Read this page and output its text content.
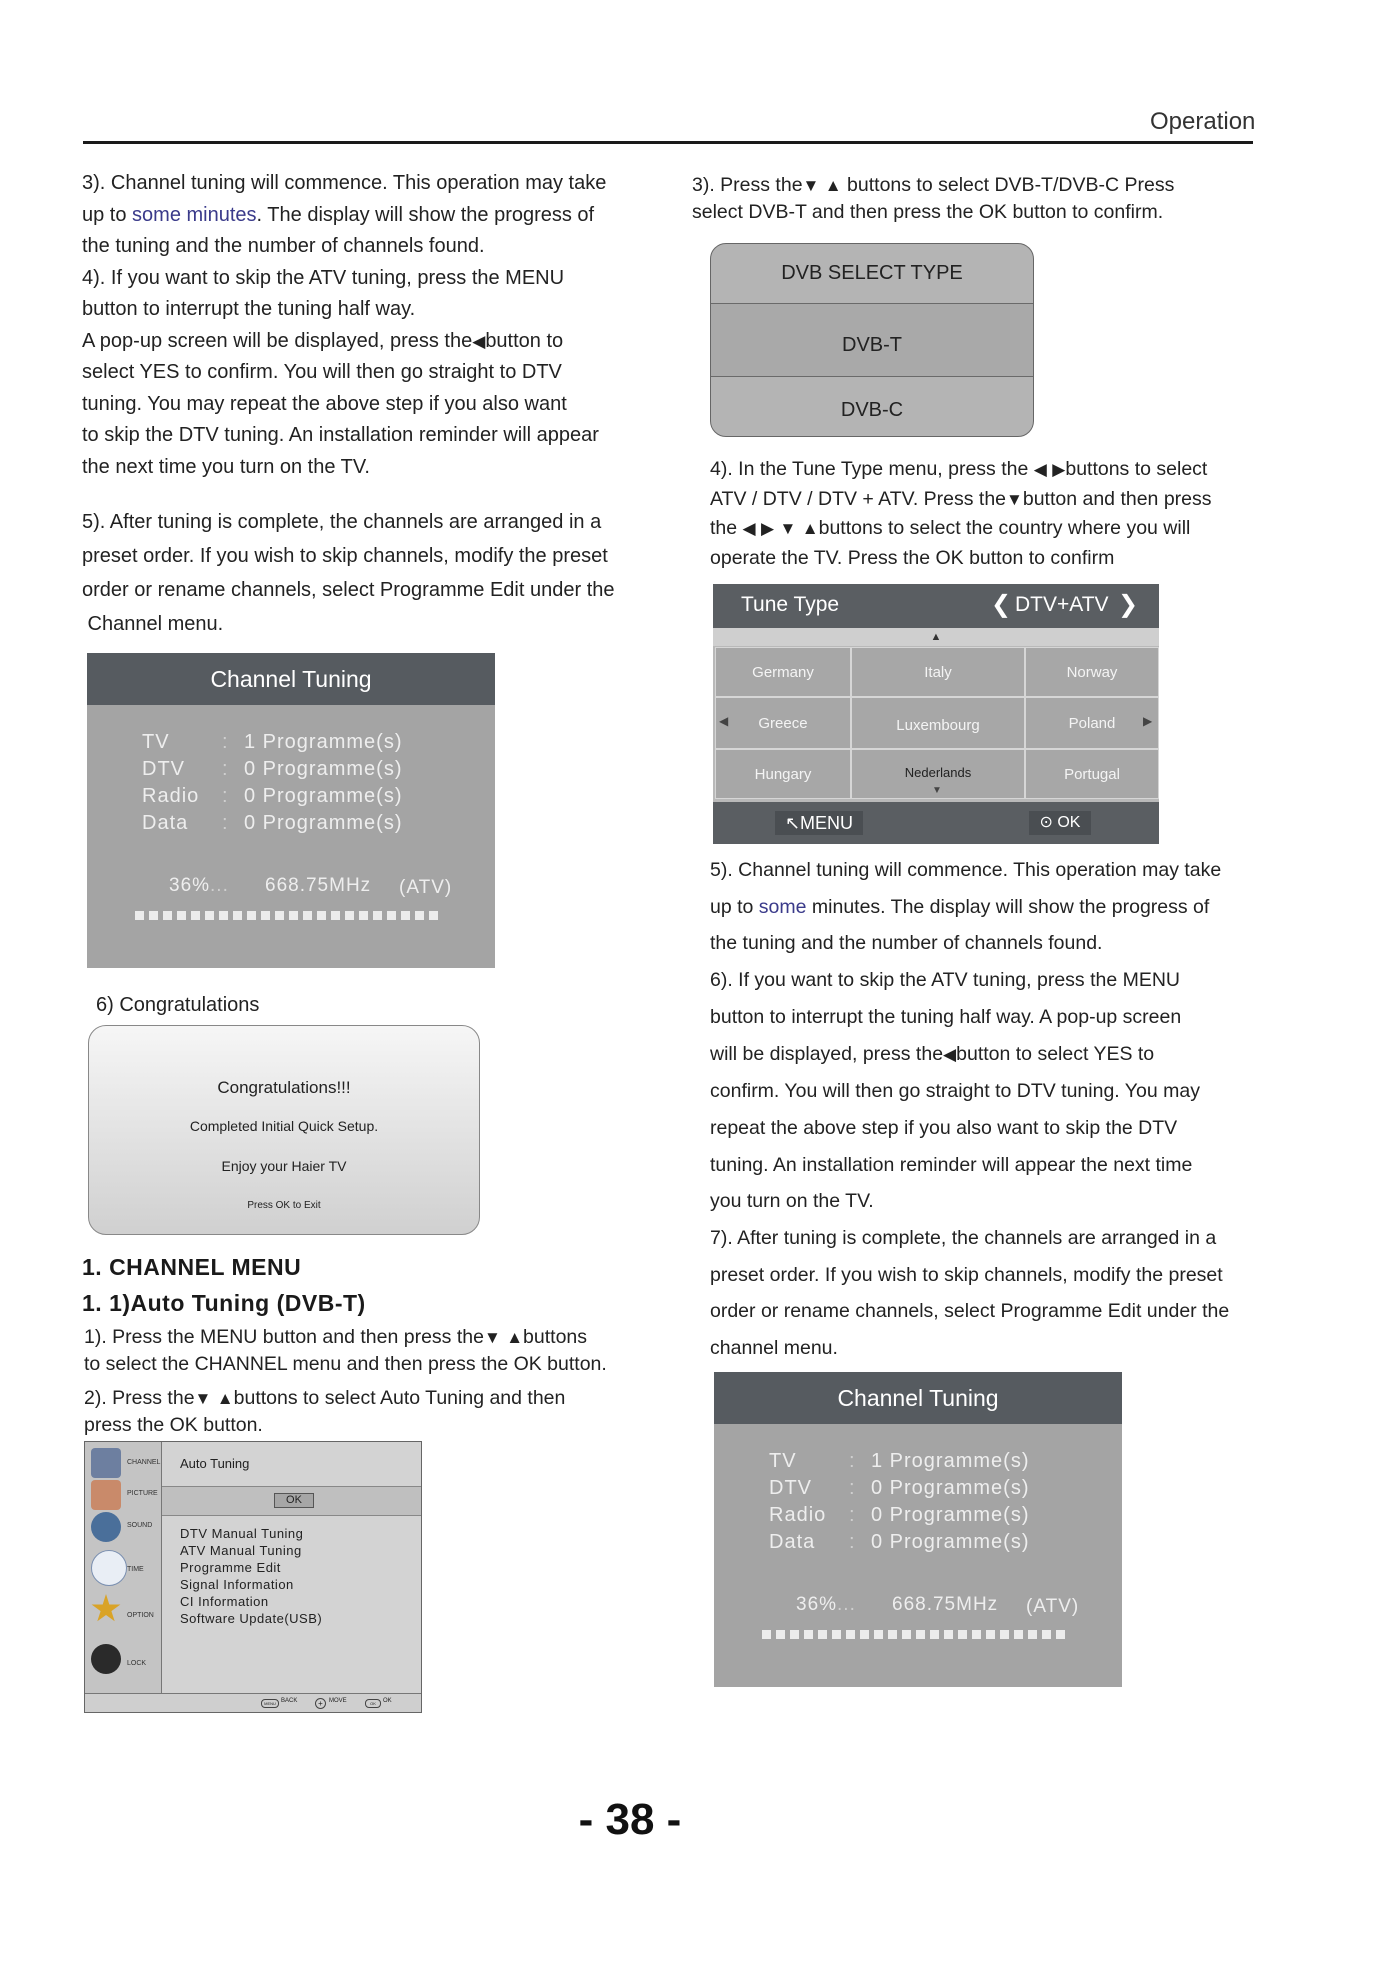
Operation

3). Channel tuning will commence. This operation may take

up to some minutes. The display will show the progress of

the tuning and the number of channels found.

4). If you want to skip the ATV tuning, press the MENU

button to interrupt the tuning half way.

A pop-up screen will be displayed, press the◀button to

select YES to confirm. You will then go straight to DTV

tuning. You may repeat the above step if you also want

to skip the DTV tuning. An installation reminder will appear

the next time you turn on the TV.

5). After tuning is complete, the channels are arranged in a

preset order. If you wish to skip channels, modify the preset

order or rename channels, select Programme Edit under the

Channel menu.

Channel Tuning
TV	: 1 Programme(s)
DTV : 0 Programme(s)
Radio : 0 Programme(s)
Data : 0 Programme(s)
36%... 668.75MHz (ATV)
6) Congratulations
Congratulations!!!
Completed Initial Quick Setup.
Enjoy your Haier TV
Press OK to Exit
1. CHANNEL MENU
1. 1)Auto Tuning (DVB-T)

1). Press the MENU button and then press the▼ ▲buttons

to select the CHANNEL menu and then press the OK button.

2). Press the▼ ▲buttons to select Auto Tuning and then

press the OK button.

CHANNEL
PICTURE
SOUND
TIME
OPTION
LOCK
Auto Tuning
OK
DTV Manual Tuning
ATV Manual Tuning
Programme Edit
Signal Information
CI Information
Software Update(USB)
MENU BACK	+	MOVE	OK	OK

3). Press the▼ ▲ buttons to select DVB-T/DVB-C Press

select DVB-T and then press the OK button to confirm.

DVB SELECT TYPE
DVB-T
DVB-C

4). In the Tune Type menu, press the ◀ ▶buttons to select

ATV / DTV / DTV + ATV. Press the▼button and then press

the ◀ ▶ ▼ ▲buttons to select the country where you will

operate the TV. Press the OK button to confirm

Tune Type	❮ DTV+ATV ❯
▲
Germany	Italy	Norway
Greece	Luxembourg	Poland
◀	▶
Hungary	Nederlands	Portugal
▼
↖MENU	⊙ OK

5). Channel tuning will commence. This operation may take

up to some minutes. The display will show the progress of

the tuning and the number of channels found.

6). If you want to skip the ATV tuning, press the MENU

button to interrupt the tuning half way. A pop-up screen

will be displayed, press the◀button to select YES to

confirm. You will then go straight to DTV tuning. You may

repeat the above step if you also want to skip the DTV

tuning. An installation reminder will appear the next time

you turn on the TV.

7). After tuning is complete, the channels are arranged in a

preset order. If you wish to skip channels, modify the preset

order or rename channels, select Programme Edit under the

channel menu.

Channel Tuning
TV	: 1 Programme(s)
DTV : 0 Programme(s)
Radio : 0 Programme(s)
Data : 0 Programme(s)
36%... 668.75MHz (ATV)
- 38 -
